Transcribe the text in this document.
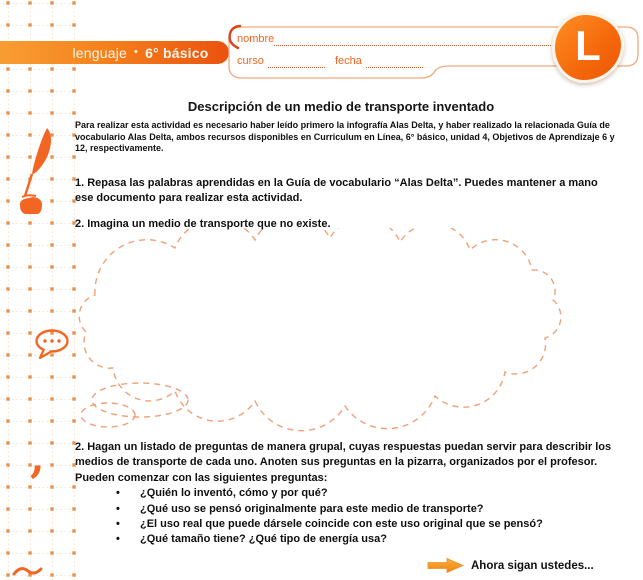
,
lenguaje • 6° básico
nombre
curso	fecha	L
Descripción de un medio de transporte inventado
Para realizar esta actividad es necesario haber leído primero la infografía Alas Delta, y haber realizado la relacionada Guía de vocabulario Alas Delta, ambos recursos disponibles en Curriculum en Línea, 6° básico, unidad 4, Objetivos de Aprendizaje 6 y 12, respectivamente.
1. Repasa las palabras aprendidas en la Guía de vocabulario “Alas Delta”. Puedes mantener a mano ese documento para realizar esta actividad.
2. Imagina un medio de transporte que no existe.
2. Hagan un listado de preguntas de manera grupal, cuyas respuestas puedan servir para describir los medios de transporte de cada uno. Anoten sus preguntas en la pizarra, organizados por el profesor. Pueden comenzar con las siguientes preguntas:
• ¿Quién lo inventó, cómo y por qué?
• ¿Qué uso se pensó originalmente para este medio de transporte?
• ¿El uso real que puede dársele coincide con este uso original que se pensó?
• ¿Qué tamaño tiene? ¿Qué tipo de energía usa?
Ahora sigan ustedes...
